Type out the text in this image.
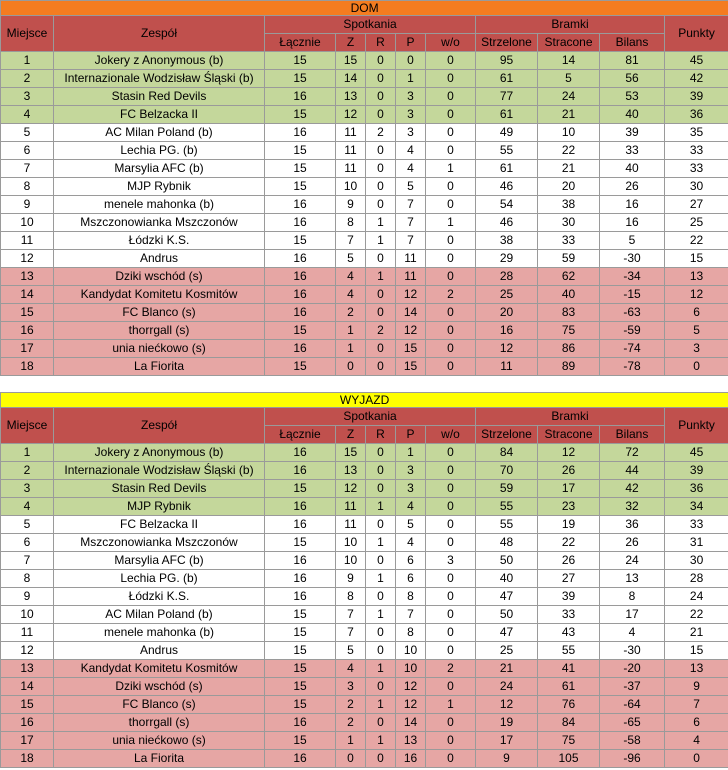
DOM										
Miejsce	Zespół	Spotkania					Bramki			Punkty
		Łącznie	Z	R	P	w/o	Strzelone	Stracone	Bilans	
1	Jokery z Anonymous (b)	15	15	0	0	0	95	14	81	45
2	Internazionale Wodzisław Śląski (b)	15	14	0	1	0	61	5	56	42
3	Stasin Red Devils	16	13	0	3	0	77	24	53	39
4	FC Belzacka II	15	12	0	3	0	61	21	40	36
5	AC Milan Poland (b)	16	11	2	3	0	49	10	39	35
6	Lechia PG. (b)	15	11	0	4	0	55	22	33	33
7	Marsylia AFC (b)	15	11	0	4	1	61	21	40	33
8	MJP Rybnik	15	10	0	5	0	46	20	26	30
9	menele mahonka (b)	16	9	0	7	0	54	38	16	27
10	Mszczonowianka Mszczonów	16	8	1	7	1	46	30	16	25
11	Łódzki K.S.	15	7	1	7	0	38	33	5	22
12	Andrus	16	5	0	11	0	29	59	-30	15
13	Dziki wschód (s)	16	4	1	11	0	28	62	-34	13
14	Kandydat Komitetu Kosmitów	16	4	0	12	2	25	40	-15	12
15	FC Blanco (s)	16	2	0	14	0	20	83	-63	6
16	thorrgall (s)	15	1	2	12	0	16	75	-59	5
17	unia niećkowo (s)	16	1	0	15	0	12	86	-74	3
18	La Fiorita	15	0	0	15	0	11	89	-78	0
WYJAZD										
Miejsce	Zespół	Spotkania					Bramki			Punkty
		Łącznie	Z	R	P	w/o	Strzelone	Stracone	Bilans	
1	Jokery z Anonymous (b)	16	15	0	1	0	84	12	72	45
2	Internazionale Wodzisław Śląski (b)	16	13	0	3	0	70	26	44	39
3	Stasin Red Devils	15	12	0	3	0	59	17	42	36
4	MJP Rybnik	16	11	1	4	0	55	23	32	34
5	FC Belzacka II	16	11	0	5	0	55	19	36	33
6	Mszczonowianka Mszczonów	15	10	1	4	0	48	22	26	31
7	Marsylia AFC (b)	16	10	0	6	3	50	26	24	30
8	Lechia PG. (b)	16	9	1	6	0	40	27	13	28
9	Łódzki K.S.	16	8	0	8	0	47	39	8	24
10	AC Milan Poland (b)	15	7	1	7	0	50	33	17	22
11	menele mahonka (b)	15	7	0	8	0	47	43	4	21
12	Andrus	15	5	0	10	0	25	55	-30	15
13	Kandydat Komitetu Kosmitów	15	4	1	10	2	21	41	-20	13
14	Dziki wschód (s)	15	3	0	12	0	24	61	-37	9
15	FC Blanco (s)	15	2	1	12	1	12	76	-64	7
16	thorrgall (s)	16	2	0	14	0	19	84	-65	6
17	unia niećkowo (s)	15	1	1	13	0	17	75	-58	4
18	La Fiorita	16	0	0	16	0	9	105	-96	0
